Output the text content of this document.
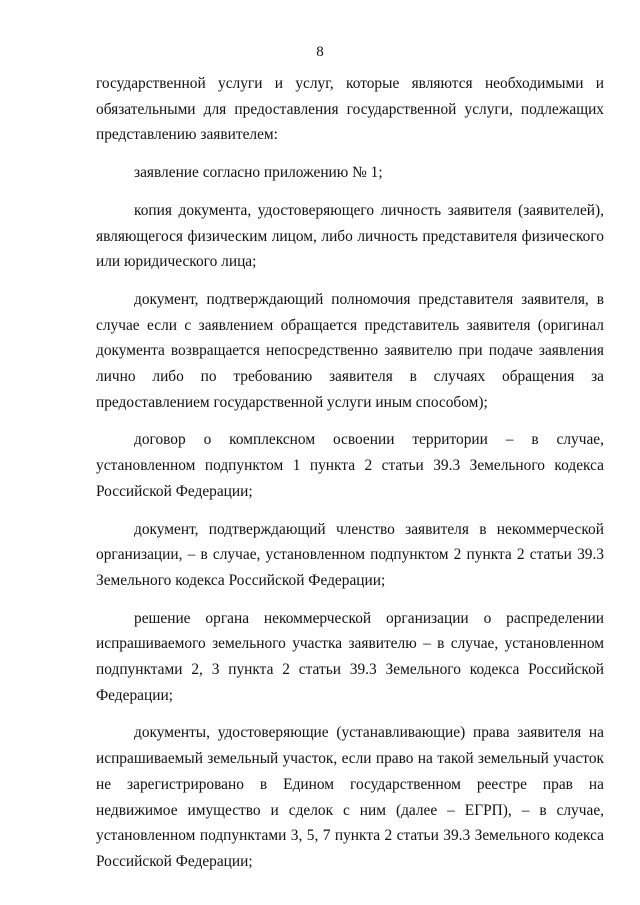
8

государственной услуги и услуг, которые являются необходимыми и обязательными для предоставления государственной услуги, подлежащих представлению заявителем:

заявление согласно приложению № 1;

копия документа, удостоверяющего личность заявителя (заявителей), являющегося физическим лицом, либо личность представителя физического или юридического лица;

документ, подтверждающий полномочия представителя заявителя, в случае если с заявлением обращается представитель заявителя (оригинал документа возвращается непосредственно заявителю при подаче заявления лично либо по требованию заявителя в случаях обращения за предоставлением государственной услуги иным способом);

договор о комплексном освоении территории – в случае, установленном подпунктом 1 пункта 2 статьи 39.3 Земельного кодекса Российской Федерации;

документ, подтверждающий членство заявителя в некоммерческой организации, – в случае, установленном подпунктом 2 пункта 2 статьи 39.3 Земельного кодекса Российской Федерации;

решение органа некоммерческой организации о распределении испрашиваемого земельного участка заявителю – в случае, установленном подпунктами 2, 3 пункта 2 статьи 39.3 Земельного кодекса Российской Федерации;

документы, удостоверяющие (устанавливающие) права заявителя на испрашиваемый земельный участок, если право на такой земельный участок не зарегистрировано в Едином государственном реестре прав на недвижимое имущество и сделок с ним (далее – ЕГРП), – в случае, установленном подпунктами 3, 5, 7 пункта 2 статьи 39.3 Земельного кодекса Российской Федерации;
